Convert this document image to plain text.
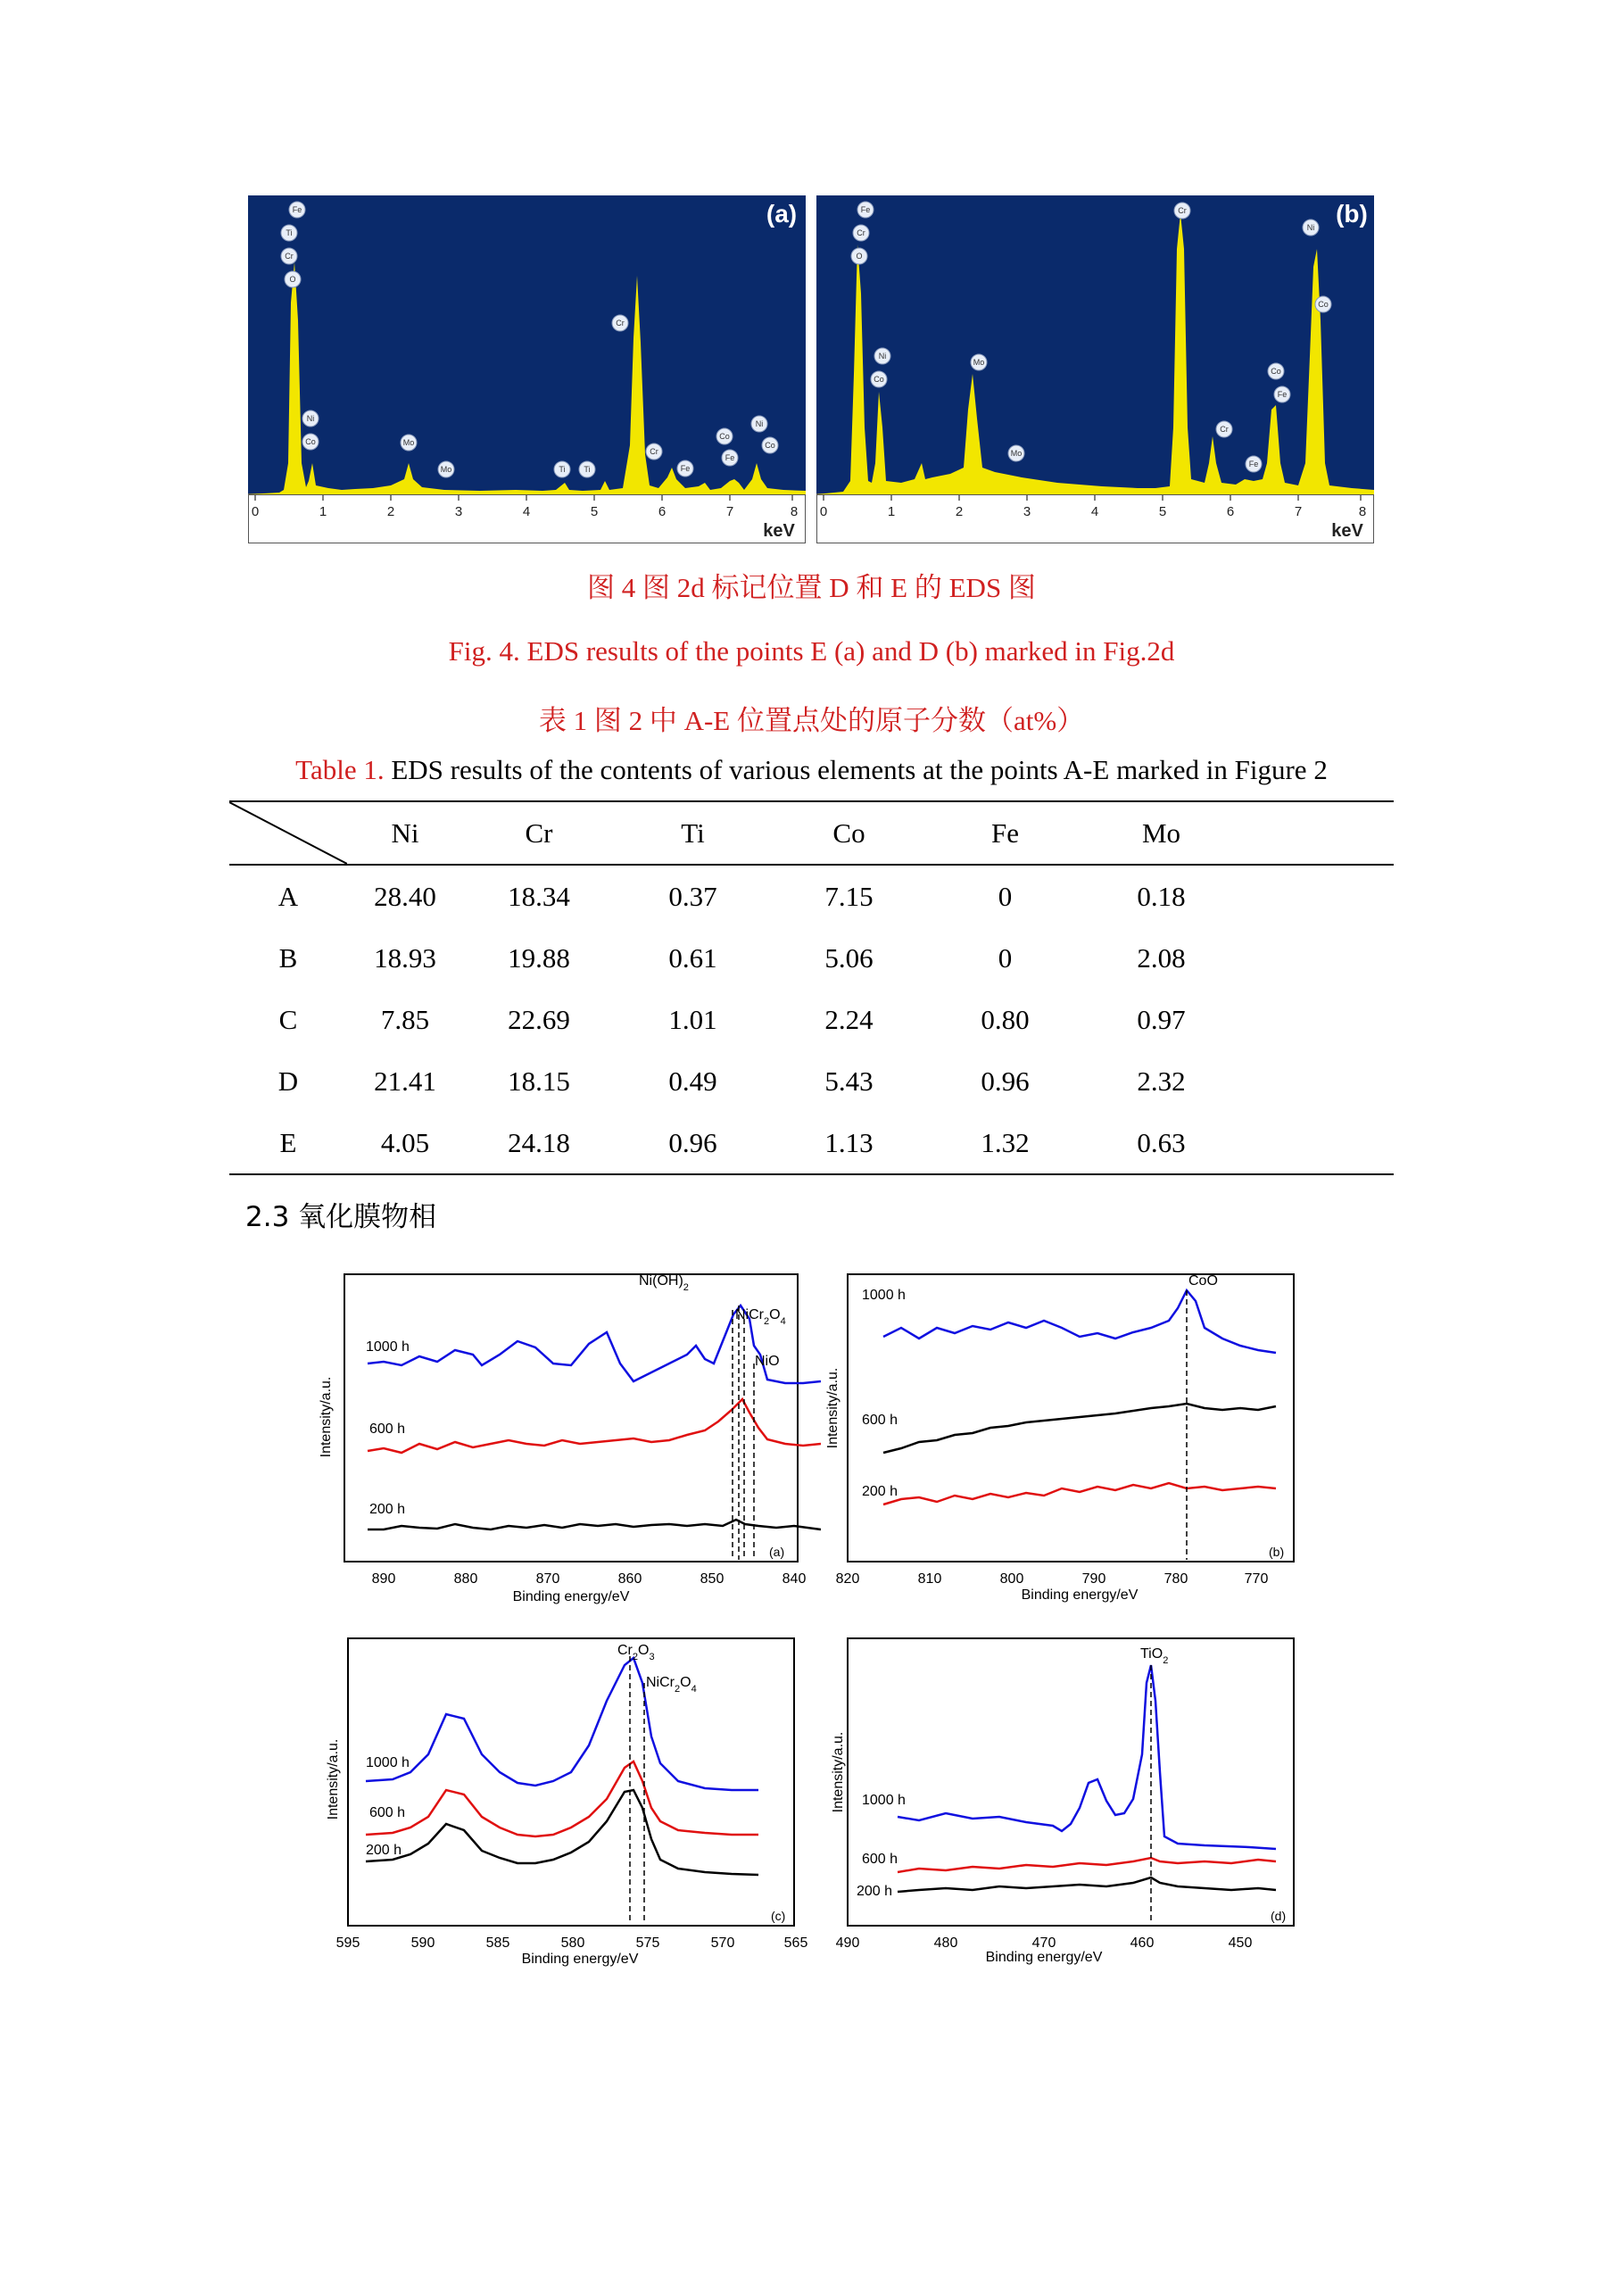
Fe
Ti
Cr
O
Ni
Co	Mo
Mo	Ti Ti
Cr
Cr
Fe
Co
Fe
Ni
Co
(a)
0	1	2	3	4	5	6	7	8
keV
Fe
Cr
O
Ni
Co
Mo
Mo
Cr
Cr
Fe
Co
Fe
Ni
Co
(b)
0	1	2	3	4	5	6	7	8
keV
图 4 图 2d 标记位置 D 和 E 的 EDS 图
Fig. 4. EDS results of the points E (a) and D (b) marked in Fig.2d
表 1 图 2 中 A-E 位置点处的原子分数（at%）
Table 1. EDS results of the contents of various elements at the points A-E marked in Figure 2
	Ni	Cr	Ti	Co	Fe	Mo	
A	28.40	18.34	0.37	7.15	0	0.18	
B	18.93	19.88	0.61	5.06	0	2.08	
C	7.85	22.69	1.01	2.24	0.80	0.97	
D	21.41	18.15	0.49	5.43	0.96	2.32	
E	4.05	24.18	0.96	1.13	1.32	0.63	
2.3 氧化膜物相
$Ni(OH)_2$
$NiCr_2O_4$
NiO
1000 h
600 h
200 h
(a)
Intensity/a.u.
890	880	870	860	850	840
Binding energy/eV
CoO
1000 h
600 h
200 h
(b)
Intensity/a.u.
820	810	800	790	780	770
Binding energy/eV
$Cr_2O_3$
$NiCr_2O_4$
1000 h
600 h
200 h
(c)
Intensity/a.u.
595	590	585	580	575	570	565
Binding energy/eV
TiO$_2$
1000 h
600 h
200 h
(d)
Intensity/a.u.
490	480	470	460	450
Binding energy/eV
